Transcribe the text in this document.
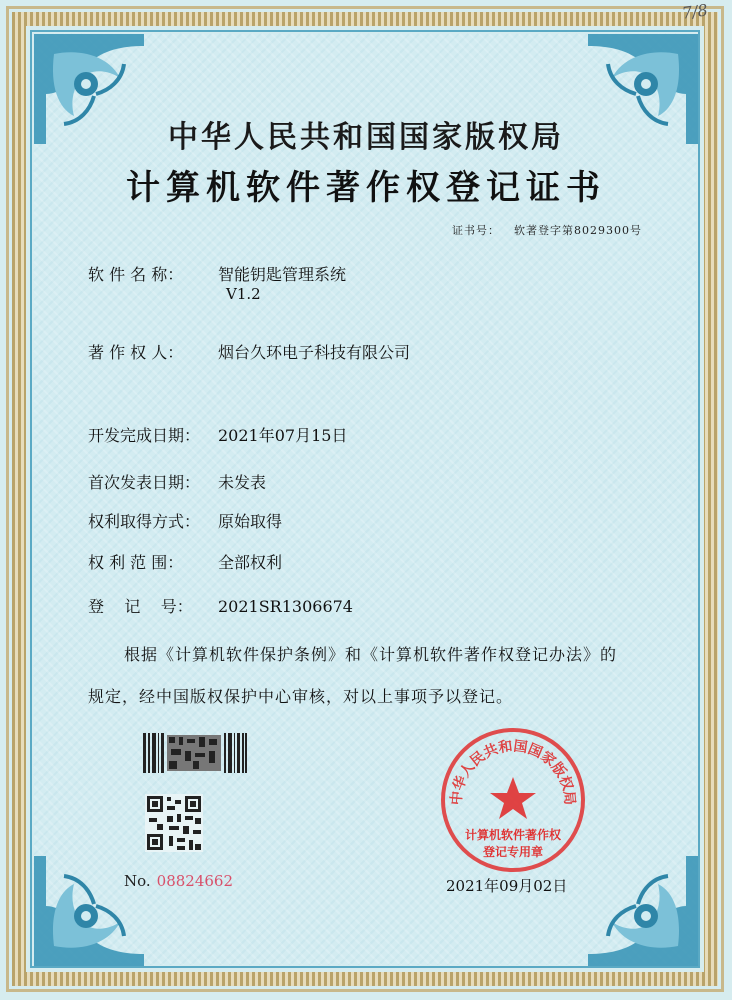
7/8
中华人民共和国国家版权局
计算机软件著作权登记证书
证书号： 软著登字第8029300号
软 件 名 称： 智能钥匙管理系统
V1.2
著 作 权 人： 烟台久环电子科技有限公司
开发完成日期： 2021年07月15日
首次发表日期： 未发表
权利取得方式： 原始取得
权 利 范 围： 全部权利
登    记    号： 2021SR1306674
根据《计算机软件保护条例》和《计算机软件著作权登记办法》的
规定，经中国版权保护中心审核，对以上事项予以登记。
No. 08824662
中华人民共和国国家版权局
计算机软件著作权
登记专用章
2021年09月02日
